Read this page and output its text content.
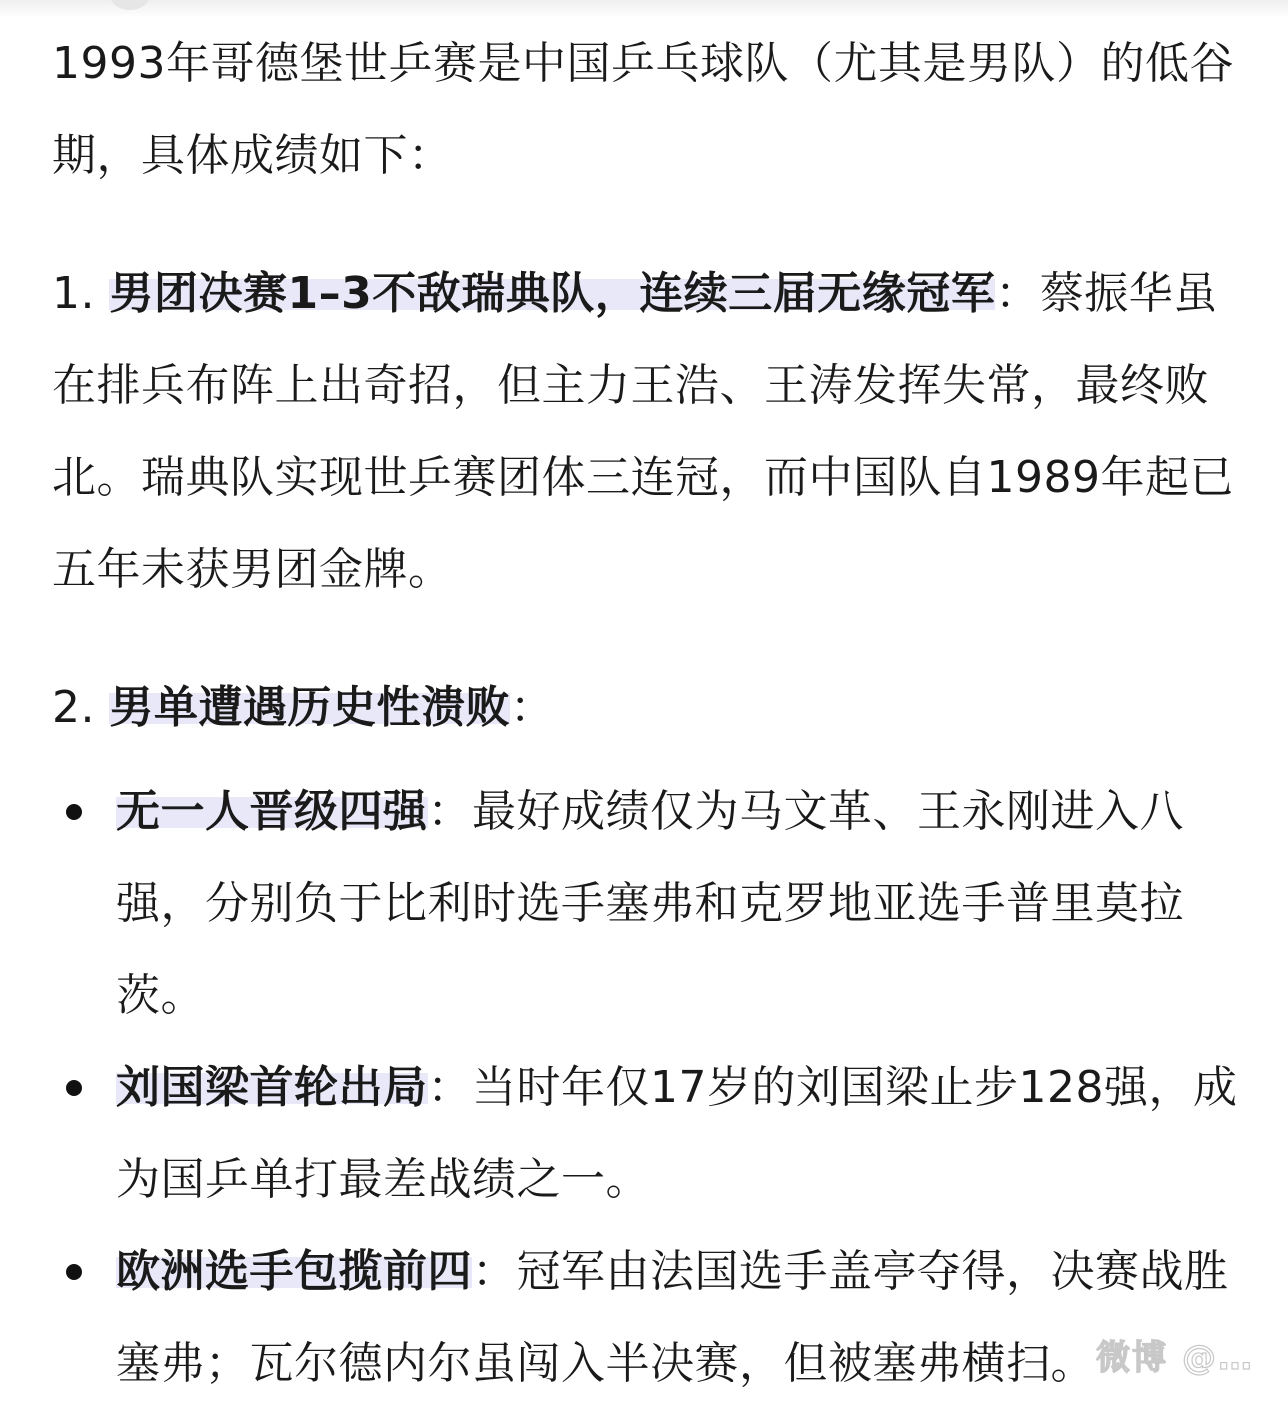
1993年哥德堡世乒赛是中国乒乓球队（尤其是男队）的低谷期，具体成绩如下：

1. 男团决赛1–3不敌瑞典队，连续三届无缘冠军：蔡振华虽在排兵布阵上出奇招，但主力王浩、王涛发挥失常，最终败北。瑞典队实现世乒赛团体三连冠，而中国队自1989年起已五年未获男团金牌。
2. 男单遭遇历史性溃败：
无一人晋级四强：最好成绩仅为马文革、王永刚进入八强，分别负于比利时选手塞弗和克罗地亚选手普里莫拉茨。
刘国梁首轮出局：当时年仅17岁的刘国梁止步128强，成为国乒单打最差战绩之一。
欧洲选手包揽前四：冠军由法国选手盖亭夺得，决赛战胜塞弗；瓦尔德内尔虽闯入半决赛，但被塞弗横扫。 微博 @…
